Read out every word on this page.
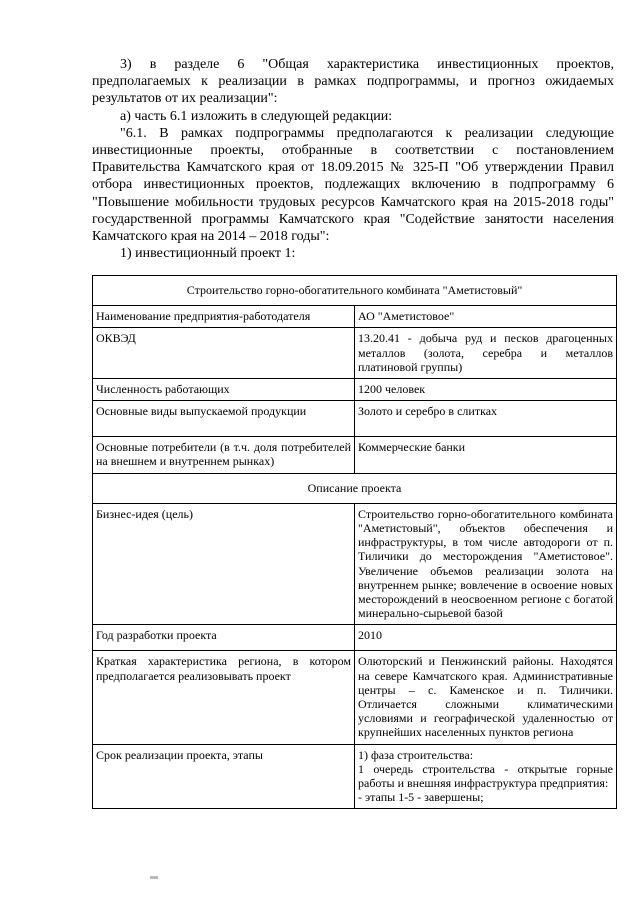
3) в разделе 6 "Общая характеристика инвестиционных проектов, предполагаемых к реализации в рамках подпрограммы, и прогноз ожидаемых результатов от их реализации":

а) часть 6.1 изложить в следующей редакции:

"6.1. В рамках подпрограммы предполагаются к реализации следующие инвестиционные проекты, отобранные в соответствии с постановлением Правительства Камчатского края от 18.09.2015 № 325-П "Об утверждении Правил отбора инвестиционных проектов, подлежащих включению в подпрограмму 6 "Повышение мобильности трудовых ресурсов Камчатского края на 2015-2018 годы" государственной программы Камчатского края "Содействие занятости населения Камчатского края на 2014 – 2018 годы":

1) инвестиционный проект 1:

Строительство горно-обогатительного комбината "Аметистовый"	
Наименование предприятия-работодателя	АО "Аметистовое"
ОКВЭД	13.20.41 - добыча руд и песков драгоценных металлов (золота, серебра и металлов платиновой группы)
Численность работающих	1200 человек
Основные виды выпускаемой продукции	Золото и серебро в слитках
Основные потребители (в т.ч. доля потребителей на внешнем и внутреннем рынках)	Коммерческие банки
Описание проекта	
Бизнес-идея (цель)	Строительство горно-обогатительного комбината "Аметистовый", объектов обеспечения и инфраструктуры, в том числе автодороги от п. Тиличики до месторождения "Аметистовое". Увеличение объемов реализации золота на внутреннем рынке; вовлечение в освоение новых месторождений в неосвоенном регионе с богатой минерально-сырьевой базой
Год разработки проекта	2010
Краткая характеристика региона, в котором предполагается реализовывать проект	Олюторский и Пенжинский районы. Находятся на севере Камчатского края. Административные центры – с. Каменское и п. Тиличики. Отличается сложными климатическими условиями и географической удаленностью от крупнейших населенных пунктов региона
Срок реализации проекта, этапы	1) фаза строительства:
1 очередь строительства - открытые горные работы и внешняя инфраструктура предприятия:
- этапы 1-5 - завершены;
